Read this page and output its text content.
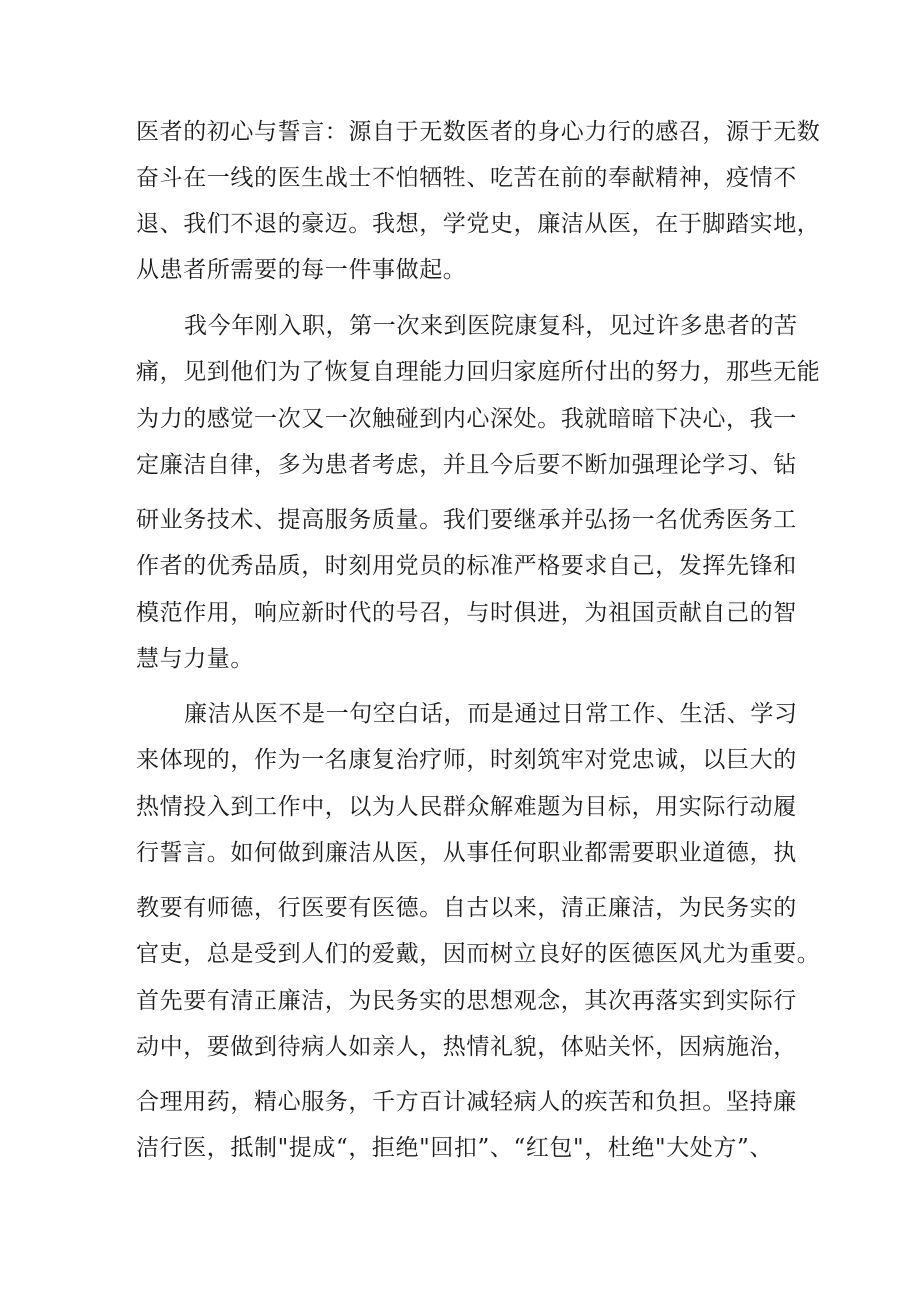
医者的初心与誓言：源自于无数医者的身心力行的感召，源于无数
奋斗在一线的医生战士不怕牺牲、吃苦在前的奉献精神，疫情不
退、我们不退的豪迈。我想，学党史，廉洁从医，在于脚踏实地，
从患者所需要的每一件事做起。
我今年刚入职，第一次来到医院康复科，见过许多患者的苦
痛，见到他们为了恢复自理能力回归家庭所付出的努力，那些无能
为力的感觉一次又一次触碰到内心深处。我就暗暗下决心，我一
定廉洁自律，多为患者考虑，并且今后要不断加强理论学习、钻
研业务技术、提高服务质量。我们要继承并弘扬一名优秀医务工
作者的优秀品质，时刻用党员的标准严格要求自己，发挥先锋和
模范作用，响应新时代的号召，与时俱进，为祖国贡献自己的智
慧与力量。
廉洁从医不是一句空白话，而是通过日常工作、生活、学习
来体现的，作为一名康复治疗师，时刻筑牢对党忠诚，以巨大的
热情投入到工作中，以为人民群众解难题为目标，用实际行动履
行誓言。如何做到廉洁从医，从事任何职业都需要职业道德，执
教要有师德，行医要有医德。自古以来，清正廉洁，为民务实的
官吏，总是受到人们的爱戴，因而树立良好的医德医风尤为重要。
首先要有清正廉洁，为民务实的思想观念，其次再落实到实际行
动中，要做到待病人如亲人，热情礼貌，体贴关怀，因病施治，
合理用药，精心服务，千方百计减轻病人的疾苦和负担。坚持廉
洁行医，抵制"提成“，拒绝"回扣”、“红包"，杜绝"大处方”、
